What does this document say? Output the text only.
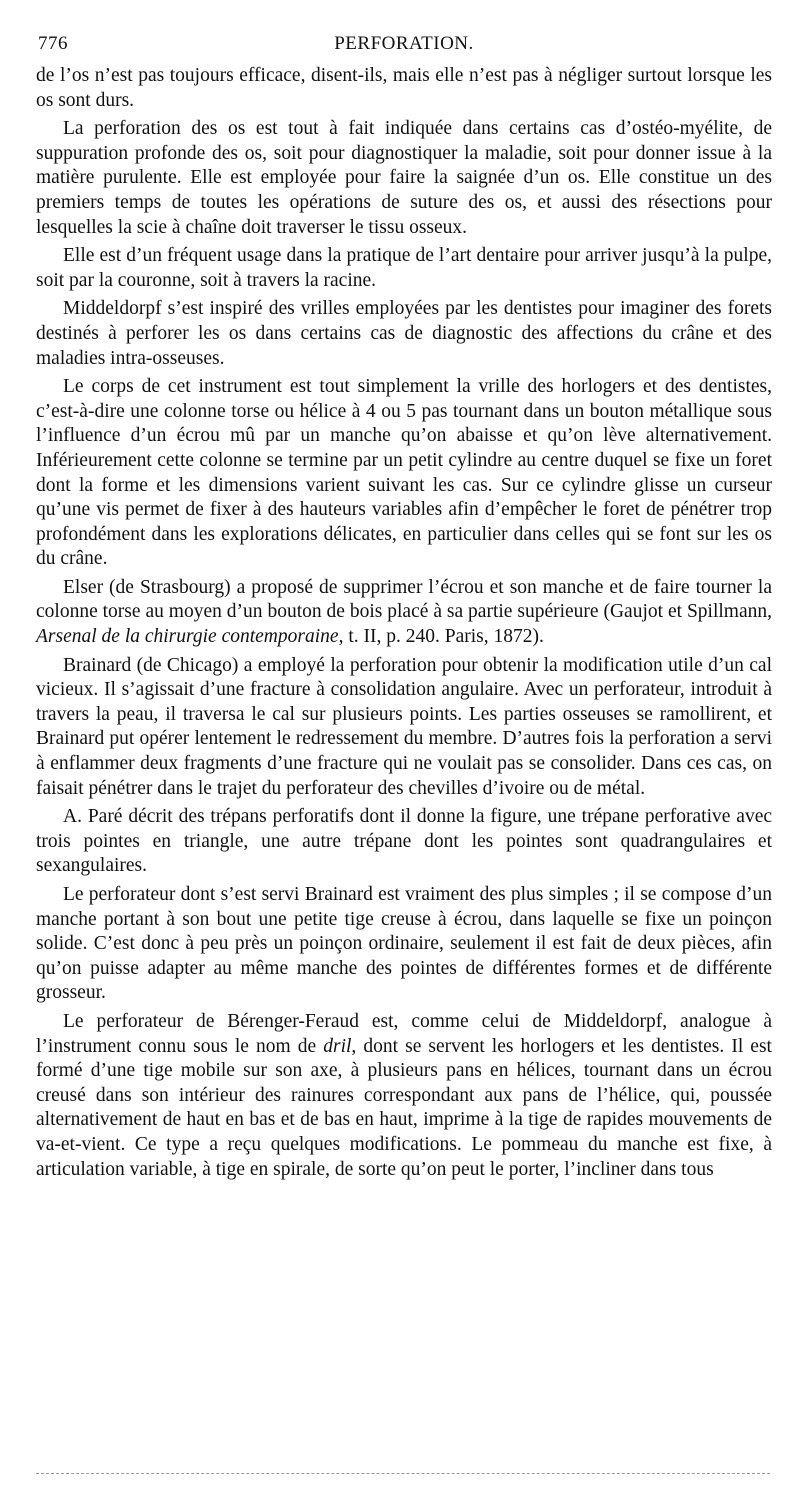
776	PERFORATION.

de l’os n’est pas toujours efficace, disent-ils, mais elle n’est pas à négliger surtout lorsque les os sont durs.

La perforation des os est tout à fait indiquée dans certains cas d’ostéo-myélite, de suppuration profonde des os, soit pour diagnostiquer la maladie, soit pour donner issue à la matière purulente. Elle est employée pour faire la saignée d’un os. Elle constitue un des premiers temps de toutes les opérations de suture des os, et aussi des résections pour lesquelles la scie à chaîne doit traverser le tissu osseux.

Elle est d’un fréquent usage dans la pratique de l’art dentaire pour arriver jusqu’à la pulpe, soit par la couronne, soit à travers la racine.

Middeldorpf s’est inspiré des vrilles employées par les dentistes pour imaginer des forets destinés à perforer les os dans certains cas de diagnostic des affections du crâne et des maladies intra-osseuses.

Le corps de cet instrument est tout simplement la vrille des horlogers et des dentistes, c’est-à-dire une colonne torse ou hélice à 4 ou 5 pas tournant dans un bouton métallique sous l’influence d’un écrou mû par un manche qu’on abaisse et qu’on lève alternativement. Inférieurement cette colonne se termine par un petit cylindre au centre duquel se fixe un foret dont la forme et les dimensions varient suivant les cas. Sur ce cylindre glisse un curseur qu’une vis permet de fixer à des hauteurs variables afin d’empêcher le foret de pénétrer trop profondément dans les explorations délicates, en particulier dans celles qui se font sur les os du crâne.

Elser (de Strasbourg) a proposé de supprimer l’écrou et son manche et de faire tourner la colonne torse au moyen d’un bouton de bois placé à sa partie supérieure (Gaujot et Spillmann, Arsenal de la chirurgie contemporaine, t. II, p. 240. Paris, 1872).

Brainard (de Chicago) a employé la perforation pour obtenir la modification utile d’un cal vicieux. Il s’agissait d’une fracture à consolidation angulaire. Avec un perforateur, introduit à travers la peau, il traversa le cal sur plusieurs points. Les parties osseuses se ramollirent, et Brainard put opérer lentement le redressement du membre. D’autres fois la perforation a servi à enflammer deux fragments d’une fracture qui ne voulait pas se consolider. Dans ces cas, on faisait pénétrer dans le trajet du perforateur des chevilles d’ivoire ou de métal.

A. Paré décrit des trépans perforatifs dont il donne la figure, une trépane perforative avec trois pointes en triangle, une autre trépane dont les pointes sont quadrangulaires et sexangulaires.

Le perforateur dont s’est servi Brainard est vraiment des plus simples ; il se compose d’un manche portant à son bout une petite tige creuse à écrou, dans laquelle se fixe un poinçon solide. C’est donc à peu près un poinçon ordinaire, seulement il est fait de deux pièces, afin qu’on puisse adapter au même manche des pointes de différentes formes et de différente grosseur.

Le perforateur de Bérenger-Feraud est, comme celui de Middeldorpf, analogue à l’instrument connu sous le nom de dril, dont se servent les horlogers et les dentistes. Il est formé d’une tige mobile sur son axe, à plusieurs pans en hélices, tournant dans un écrou creusé dans son intérieur des rainures correspondant aux pans de l’hélice, qui, poussée alternativement de haut en bas et de bas en haut, imprime à la tige de rapides mouvements de va-et-vient. Ce type a reçu quelques modifications. Le pommeau du manche est fixe, à articulation variable, à tige en spirale, de sorte qu’on peut le porter, l’incliner dans tous
